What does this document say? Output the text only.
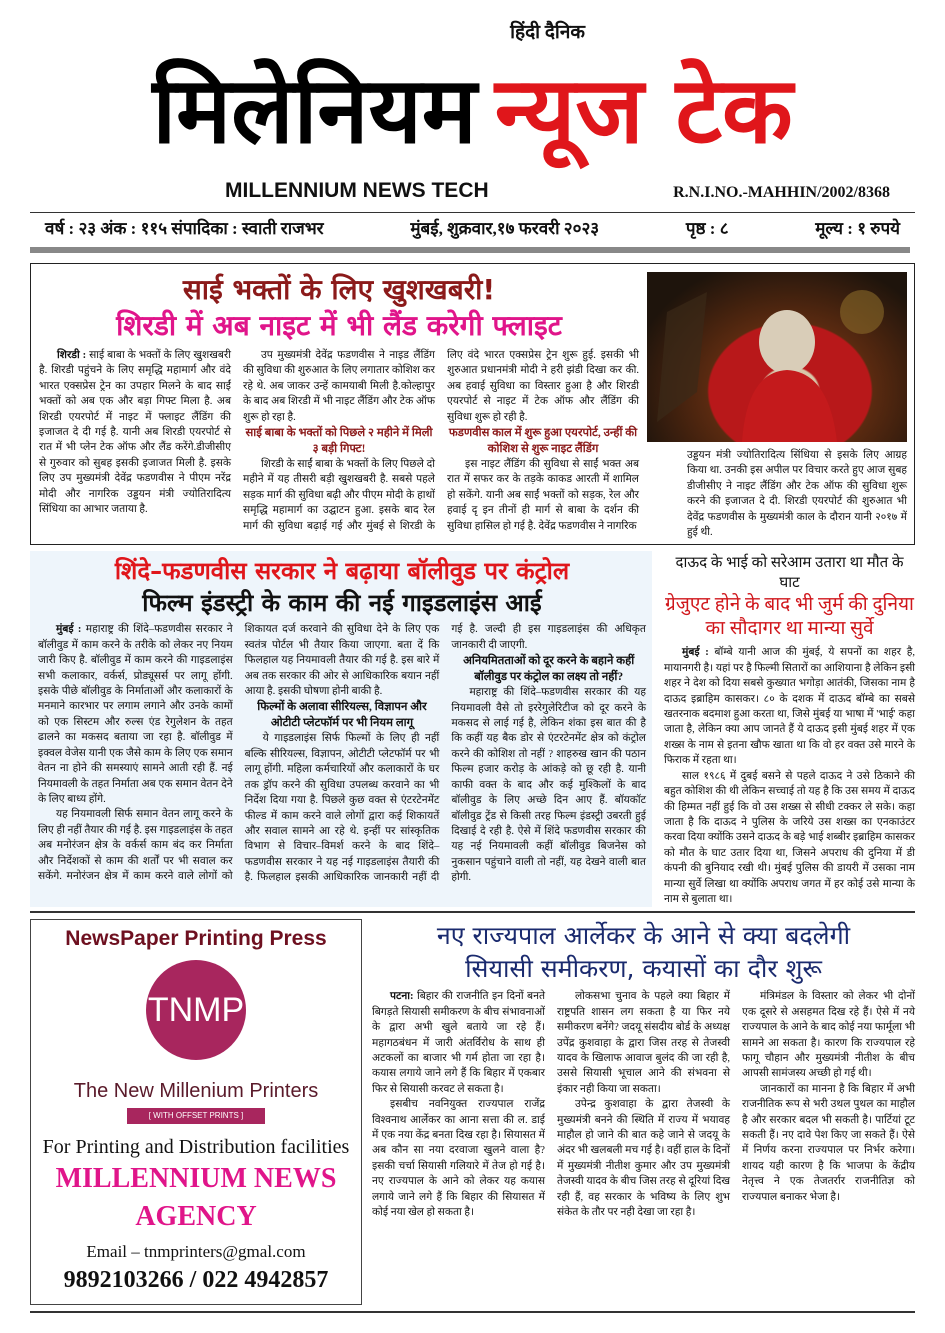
हिंदी दैनिक
मिलेनियम न्यूज टेक
MILLENNIUM NEWS TECH	R.N.I.NO.-MAHHIN/2002/8368
वर्ष : २३ अंक : ११५ संपादिका : स्वाती राजभर	मुंबई, शुक्रवार,१७ फरवरी २०२३	पृष्ठ : ८	मूल्य : १ रुपये
साई भक्तों के लिए खुशखबरी!
शिरडी में अब नाइट में भी लैंड करेगी फ्लाइट

शिरडी : साई बाबा के भक्तों के लिए खुशखबरी है. शिरडी पहुंचने के लिए समृद्धि महामार्ग और वंदे भारत एक्सप्रेस ट्रेन का उपहार मिलने के बाद साईं भक्तों को अब एक और बड़ा गिफ्ट मिला है. अब शिरडी एयरपोर्ट में नाइट में फ्लाइट लैंडिंग की इजाजत दे दी गई है. यानी अब शिरडी एयरपोर्ट से रात में भी प्लेन टेक ऑफ और लैंड करेंगे.डीजीसीए से गुरुवार को सुबह इसकी इजाजत मिली है. इसके लिए उप मुख्यमंत्री देवेंद्र फडणवीस ने पीएम नरेंद्र मोदी और नागरिक उड्डयन मंत्री ज्योतिरादित्य सिंधिया का आभार जताया है.

उप मुख्यमंत्री देवेंद्र फडणवीस ने नाइड लैंडिंग की सुविधा की शुरुआत के लिए लगातार कोशिश कर रहे थे. अब जाकर उन्हें कामयाबी मिली है.कोल्हापुर के बाद अब शिरडी में भी नाइट लैंडिंग और टेक ऑफ शुरू हो रहा है.

साई बाबा के भक्तों को पिछले २ महीने में मिली ३ बड़ी गिफ्ट!

शिरडी के साईं बाबा के भक्तों के लिए पिछले दो महीने में यह तीसरी बड़ी खुशखबरी है. सबसे पहले सड़क मार्ग की सुविधा बढ़ी और पीएम मोदी के हाथों समृद्धि महामार्ग का उद्घाटन हुआ. इसके बाद रेल मार्ग की सुविधा बढ़ाई गई और मुंबई से शिरडी के लिए वंदे भारत एक्सप्रेस ट्रेन शुरू हुई. इसकी भी शुरुआत प्रधानमंत्री मोदी ने हरी झंडी दिखा कर की. अब हवाई सुविधा का विस्तार हुआ है और शिरडी एयरपोर्ट से नाइट में टेक ऑफ और लैंडिंग की सुविधा शुरू हो रही है.

फडणवीस काल में शुरू हुआ एयरपोर्ट, उन्हीं की कोशिश से शुरू नाइट लैंडिंग

इस नाइट लैंडिंग की सुविधा से साईं भक्त अब रात में सफर कर के तड़के काकड आरती में शामिल हो सकेंगे. यानी अब साईं भक्तों को सड़क, रेल और हवाई दृ इन तीनों ही मार्ग से बाबा के दर्शन की सुविधा हासिल हो गई है. देवेंद्र फडणवीस ने नागरिक

उड्डयन मंत्री ज्योतिरादित्य सिंधिया से इसके लिए आग्रह किया था. उनकी इस अपील पर विचार करते हुए आज सुबह डीजीसीए ने नाइट लैंडिंग और टेक ऑफ की सुविधा शुरू करने की इजाजत दे दी. शिरडी एयरपोर्ट की शुरुआत भी देवेंद्र फडणवीस के मुख्यमंत्री काल के दौरान यानी २०१७ में हुई थी.
शिंदे–फडणवीस सरकार ने बढ़ाया बॉलीवुड पर कंट्रोल
फिल्म इंडस्ट्री के काम की नई गाइडलाइंस आई

मुंबई : महाराष्ट्र की शिंदे–फडणवीस सरकार ने बॉलीवुड में काम करने के तरीके को लेकर नए नियम जारी किए है. बॉलीवुड में काम करने की गाइडलाइंस सभी कलाकार, वर्कर्स, प्रोड्यूसर्स पर लागू होंगी. इसके पीछे बॉलीवुड के निर्माताओं और कलाकारों के मनमाने कारभार पर लगाम लगाने और उनके कामों को एक सिस्टम और रुल्स एंड रेगुलेशन के तहत ढालने का मकसद बताया जा रहा है. बॉलीवुड में इक्वल वेजेस यानी एक जैसे काम के लिए एक समान वेतन ना होने की समस्याएं सामने आती रही हैं. नई नियमावली के तहत निर्माता अब एक समान वेतन देने के लिए बाध्य होंगे.

यह नियमावली सिर्फ समान वेतन लागू करने के लिए ही नहीं तैयार की गई है. इस गाइडलाइंस के तहत अब मनोरंजन क्षेत्र के वर्कर्स काम बंद कर निर्माता और निर्देशकों से काम की शर्तों पर भी सवाल कर सकेंगे. मनोरंजन क्षेत्र में काम करने वाले लोगों को शिकायत दर्ज करवाने की सुविधा देने के लिए एक स्वतंत्र पोर्टल भी तैयार किया जाएगा. बता दें कि फिलहाल यह नियमावली तैयार की गई है. इस बारे में अब तक सरकार की ओर से आधिकारिक बयान नहीं आया है. इसकी घोषणा होनी बाकी है.

फिल्मों के अलावा सीरियल्स, विज्ञापन और ओटीटी प्लेटफॉर्म पर भी नियम लागू

ये गाइडलाइंस सिर्फ फिल्मों के लिए ही नहीं बल्कि सीरियल्स, विज्ञापन, ओटीटी प्लेटफॉर्म पर भी लागू होंगी. महिला कर्मचारियों और कलाकारों के घर तक ड्रॉप करने की सुविधा उपलब्ध करवाने का भी निर्देश दिया गया है. पिछले कुछ वक्त से एंटरटेनमेंट फील्ड में काम करने वाले लोगों द्वारा कई शिकायतें और सवाल सामने आ रहे थे. इन्हीं पर सांस्कृतिक विभाग से विचार–विमर्श करने के बाद शिंदे–फडणवीस सरकार ने यह नई गाइडलाइंस तैयारी की है. फिलहाल इसकी आधिकारिक जानकारी नहीं दी गई है. जल्दी ही इस गाइडलाइंस की अधिकृत जानकारी दी जाएगी.

अनियमितताओं को दूर करने के बहाने कहीं बॉलीवुड पर कंट्रोल का लक्ष्य तो नहीं?

महाराष्ट्र की शिंदे–फडणवीस सरकार की यह नियमावली वैसे तो इररेगुलेरिटीज को दूर करने के मकसद से लाई गई है, लेकिन शंका इस बात की है कि कहीं यह बैक डोर से एंटरटेनमेंट क्षेत्र को कंट्रोल करने की कोशिश तो नहीं ? शाहरुख खान की पठान फिल्म हजार करोड़ के आंकड़े को छू रही है. यानी काफी वक्त के बाद और कई मुश्किलों के बाद बॉलीवुड के लिए अच्छे दिन आए हैं. बॉयकॉट बॉलीवुड ट्रेंड से किसी तरह फिल्म इंडस्ट्री उबरती हुई दिखाई दे रही है. ऐसे में शिंदे फडणवीस सरकार की यह नई नियमावली कहीं बॉलीवुड बिजनेस को नुकसान पहुंचाने वाली तो नहीं, यह देखने वाली बात होगी.

दाऊद के भाई को सरेआम उतारा था मौत के घाट
ग्रेजुएट होने के बाद भी जुर्म की दुनिया का सौदागर था मान्या सुर्वे

मुंबई : बॉम्बे यानी आज की मुंबई, ये सपनों का शहर है, मायानगरी है। यहां पर है फिल्मी सितारों का आशियाना है लेकिन इसी शहर ने देश को दिया सबसे कुख्यात भगोड़ा आतंकी, जिसका नाम है दाऊद इब्राहिम कासकर। ८० के दशक में दाऊद बॉम्बे का सबसे खतरनाक बदमाश हुआ करता था, जिसे मुंबई या भाषा में 'भाई' कहा जाता है, लेकिन क्या आप जानते हैं ये दाऊद इसी मुंबई शहर में एक शख्स के नाम से इतना खौफ खाता था कि वो हर वक्त उसे मारने के फिराक में रहता था।

साल १९८६ में दुबई बसने से पहले दाऊद ने उसे ठिकाने की बहुत कोशिश की थी लेकिन सच्चाई तो यह है कि उस समय में दाऊद की हिम्मत नहीं हुई कि वो उस शख्स से सीधी टक्कर ले सके। कहा जाता है कि दाऊद ने पुलिस के जरिये उस शख्स का एनकाउंटर करवा दिया क्योंकि उसने दाऊद के बड़े भाई शब्बीर इब्राहिम कासकर को मौत के घाट उतार दिया था, जिसने अपराध की दुनिया में डी कंपनी की बुनियाद रखी थी। मुंबई पुलिस की डायरी में उसका नाम मान्या सुर्वे लिखा था क्योंकि अपराध जगत में हर कोई उसे मान्या के नाम से बुलाता था।

NewsPaper Printing Press
TNMP
The New Millenium Printers
[ WITH OFFSET PRINTS ]
For Printing and Distribution facilities
MILLENNIUM NEWS AGENCY
Email – tnmprinters@gmal.com
9892103266 / 022 4942857
नए राज्यपाल आर्लेकर के आने से क्या बदलेगी
सियासी समीकरण, कयासों का दौर शुरू

पटना: बिहार की राजनीति इन दिनों बनते बिगड़ते सियासी समीकरण के बीच संभावनाओं के द्वारा अभी खुले बताये जा रहे हैं। महागठबंधन में जारी अंतर्विरोध के साथ ही अटकलों का बाजार भी गर्म होता जा रहा है। कयास लगाये जाने लगे हैं कि बिहार में एकबार फिर से सियासी करवट ले सकता है।

इसबीच नवनियुक्त राज्यपाल राजेंद्र विश्वनाथ आर्लेकर का आना सत्ता की ल. डाई में एक नया केंद्र बनता दिख रहा है। सियासत में अब कौन सा नया दरवाजा खुलने वाला है? इसकी चर्चा सियासी गलियारे में तेज हो गई है। नए राज्यपाल के आने को लेकर यह कयास लगाये जाने लगे हैं कि बिहार की सियासत में कोई नया खेल हो सकता है।

लोकसभा चुनाव के पहले क्या बिहार में राष्ट्रपति शासन लग सकता है या फिर नये समीकरण बनेंगे? जदयू संसदीय बोर्ड के अध्यक्ष उपेंद्र कुशवाहा के द्वारा जिस तरह से तेजस्वी यादव के खिलाफ आवाज बुलंद की जा रही है, उससे सियासी भूचाल आने की संभवना से इंकार नही किया जा सकता।

उपेन्द्र कुशवाहा के द्वारा तेजस्वी के मुख्यमंत्री बनने की स्थिति में राज्य में भयावह माहौल हो जाने की बात कहे जाने से जदयू के अंदर भी खलबली मच गई है। वहीं हाल के दिनों में मुख्यमंत्री नीतीश कुमार और उप मुख्यमंत्री तेजस्वी यादव के बीच जिस तरह से दूरियां दिख रही हैं, वह सरकार के भविष्य के लिए शुभ संकेत के तौर पर नही देखा जा रहा है।

मंत्रिमंडल के विस्तार को लेकर भी दोनों एक दूसरे से असहमत दिख रहे हैं। ऐसे में नये राज्यपाल के आने के बाद कोई नया फार्मूला भी सामने आ सकता है। कारण कि राज्यपाल रहे फागू चौहान और मुख्यमंत्री नीतीश के बीच आपसी सामंजस्य अच्छी हो गई थी।

जानकारों का मानना है कि बिहार में अभी राजनीतिक रूप से भरी उथल पुथल का माहौल है और सरकार बदल भी सकती है। पार्टियां टूट सकती हैं। नए दावे पेश किए जा सकते हैं। ऐसे में निर्णय करना राज्यपाल पर निर्भर करेगा। शायद यही कारण है कि भाजपा के केंद्रीय नेतृत्त्व ने एक तेजतर्रार राजनीतिज्ञ को राज्यपाल बनाकर भेजा है।
